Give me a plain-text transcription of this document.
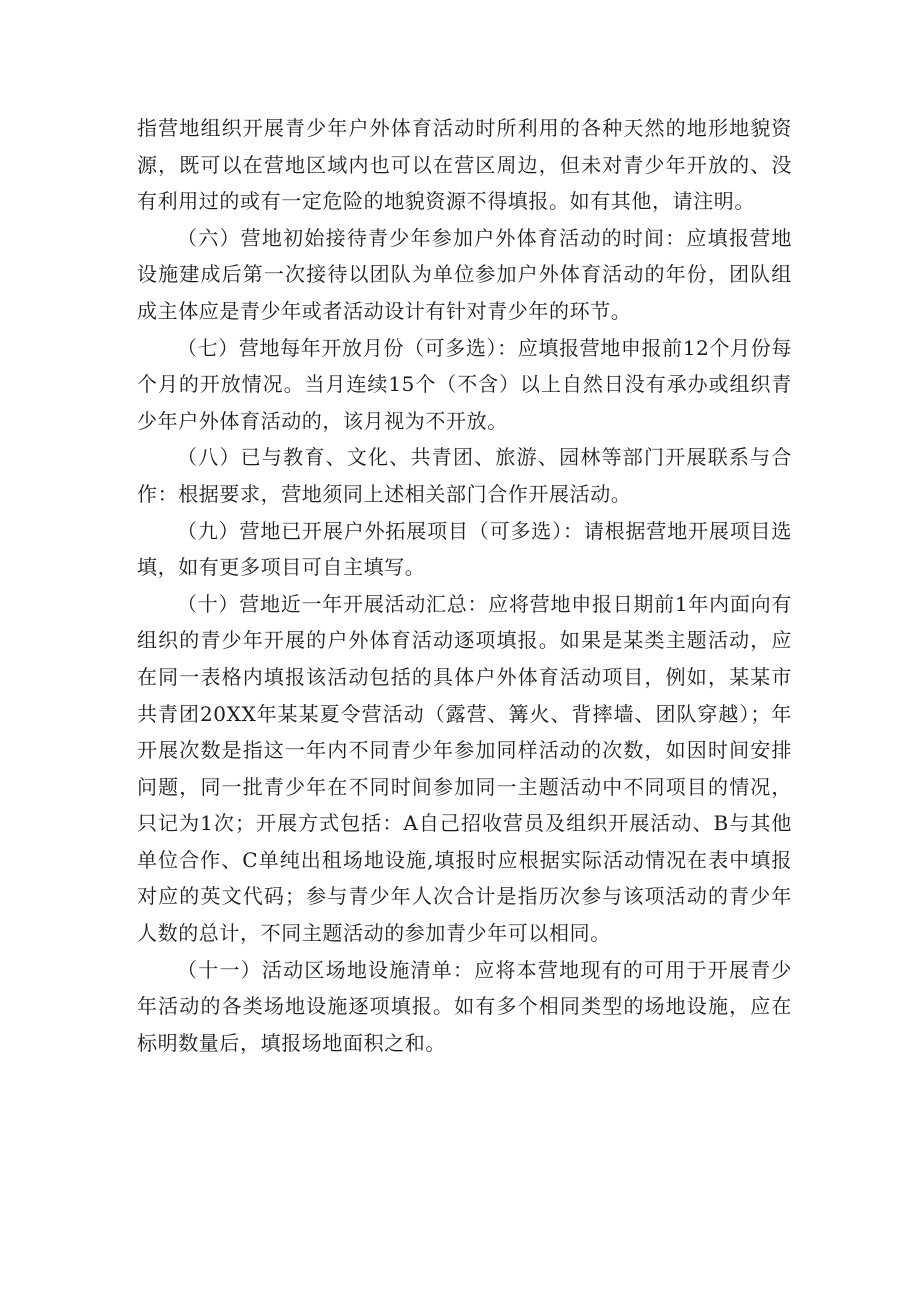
指营地组织开展青少年户外体育活动时所利用的各种天然的地形地貌资源，既可以在营地区域内也可以在营区周边，但未对青少年开放的、没有利用过的或有一定危险的地貌资源不得填报。如有其他，请注明。

（六）营地初始接待青少年参加户外体育活动的时间：应填报营地设施建成后第一次接待以团队为单位参加户外体育活动的年份，团队组成主体应是青少年或者活动设计有针对青少年的环节。

（七）营地每年开放月份（可多选）：应填报营地申报前12个月份每个月的开放情况。当月连续15个（不含）以上自然日没有承办或组织青少年户外体育活动的，该月视为不开放。

（八）已与教育、文化、共青团、旅游、园林等部门开展联系与合作：根据要求，营地须同上述相关部门合作开展活动。

（九）营地已开展户外拓展项目（可多选）：请根据营地开展项目选填，如有更多项目可自主填写。

（十）营地近一年开展活动汇总：应将营地申报日期前1年内面向有组织的青少年开展的户外体育活动逐项填报。如果是某类主题活动，应在同一表格内填报该活动包括的具体户外体育活动项目，例如，某某市共青团20XX年某某夏令营活动（露营、篝火、背摔墙、团队穿越）；年开展次数是指这一年内不同青少年参加同样活动的次数，如因时间安排问题，同一批青少年在不同时间参加同一主题活动中不同项目的情况，只记为1次；开展方式包括：A自己招收营员及组织开展活动、B与其他单位合作、C单纯出租场地设施,填报时应根据实际活动情况在表中填报对应的英文代码；参与青少年人次合计是指历次参与该项活动的青少年人数的总计，不同主题活动的参加青少年可以相同。

（十一）活动区场地设施清单：应将本营地现有的可用于开展青少年活动的各类场地设施逐项填报。如有多个相同类型的场地设施，应在标明数量后，填报场地面积之和。
